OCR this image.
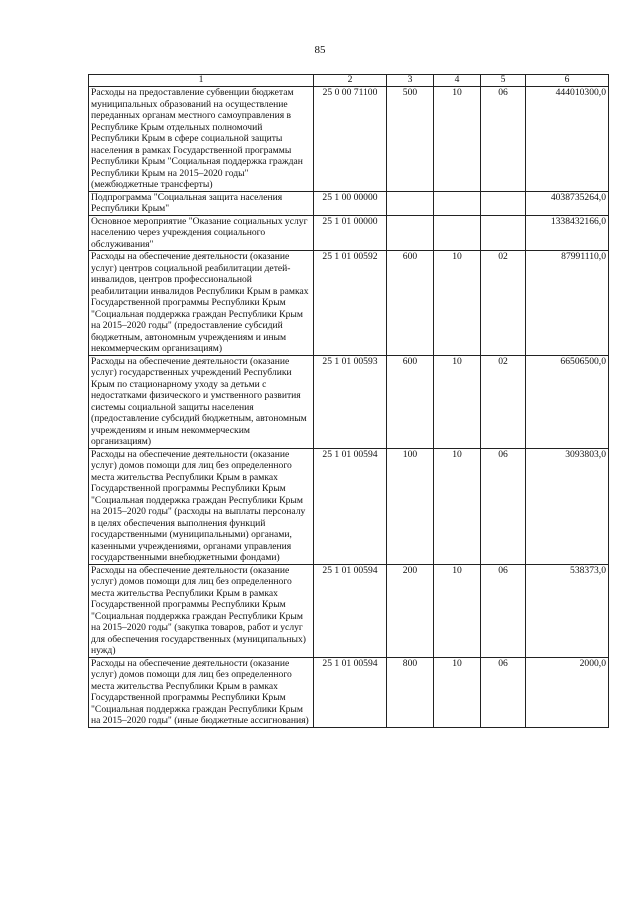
85
1	2	3	4	5	6
Расходы на предоставление субвенции бюджетам муниципальных образований на осуществление переданных органам местного самоуправления в Республике Крым отдельных полномочий Республики Крым в сфере социальной защиты населения в рамках Государственной программы Республики Крым "Социальная поддержка граждан Республики Крым на 2015–2020 годы" (межбюджетные трансферты)	25 0 00 71100	500	10	06	444010300,0
Подпрограмма "Социальная защита населения Республики Крым"	25 1 00 00000				4038735264,0
Основное мероприятие "Оказание социальных услуг населению через учреждения социального обслуживания"	25 1 01 00000				1338432166,0
Расходы на обеспечение деятельности (оказание услуг) центров социальной реабилитации детей-инвалидов, центров профессиональной реабилитации инвалидов Республики Крым в рамках Государственной программы Республики Крым "Социальная поддержка граждан Республики Крым на 2015–2020 годы" (предоставление субсидий бюджетным, автономным учреждениям и иным некоммерческим организациям)	25 1 01 00592	600	10	02	87991110,0
Расходы на обеспечение деятельности (оказание услуг) государственных учреждений Республики Крым по стационарному уходу за детьми с недостатками физического и умственного развития системы социальной защиты населения (предоставление субсидий бюджетным, автономным учреждениям и иным некоммерческим организациям)	25 1 01 00593	600	10	02	66506500,0
Расходы на обеспечение деятельности (оказание услуг) домов помощи для лиц без определенного места жительства Республики Крым в рамках Государственной программы Республики Крым "Социальная поддержка граждан Республики Крым на 2015–2020 годы" (расходы на выплаты персоналу в целях обеспечения выполнения функций государственными (муниципальными) органами, казенными учреждениями, органами управления государственными внебюджетными фондами)	25 1 01 00594	100	10	06	3093803,0
Расходы на обеспечение деятельности (оказание услуг) домов помощи для лиц без определенного места жительства Республики Крым в рамках Государственной программы Республики Крым "Социальная поддержка граждан Республики Крым на 2015–2020 годы" (закупка товаров, работ и услуг для обеспечения государственных (муниципальных) нужд)	25 1 01 00594	200	10	06	538373,0
Расходы на обеспечение деятельности (оказание услуг) домов помощи для лиц без определенного места жительства Республики Крым в рамках Государственной программы Республики Крым "Социальная поддержка граждан Республики Крым на 2015–2020 годы" (иные бюджетные ассигнования)	25 1 01 00594	800	10	06	2000,0
